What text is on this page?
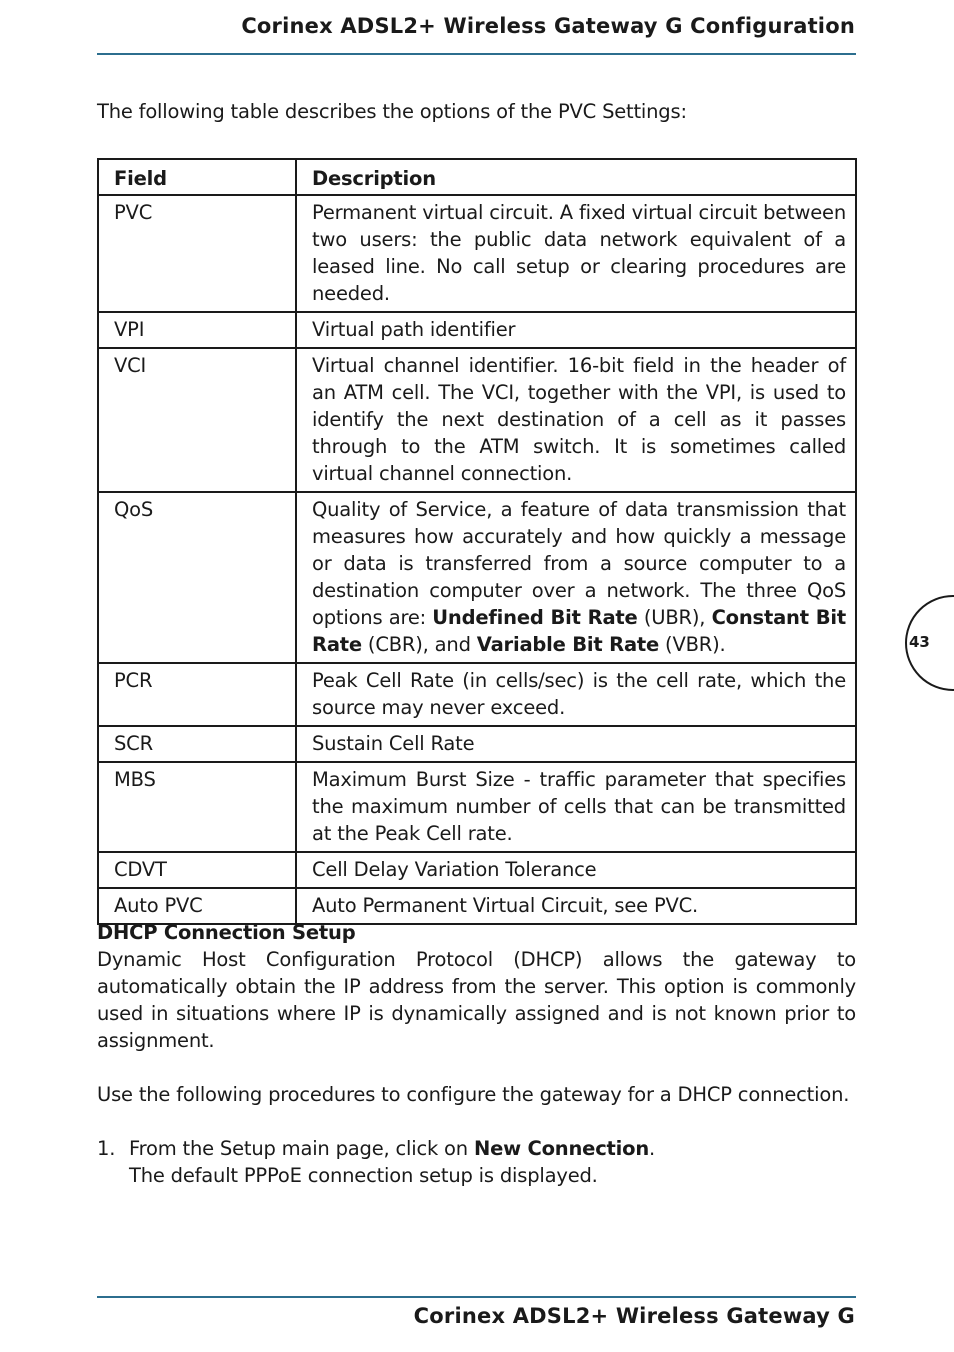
Corinex ADSL2+ Wireless Gateway G Configuration
43
The following table describes the options of the PVC Settings:
Field	Description
PVC	Permanent virtual circuit. A fixed virtual circuit between two users: the public data network equivalent of a leased line. No call setup or clearing procedures are needed.
VPI	Virtual path identifier
VCI	Virtual channel identifier. 16-bit field in the header of an ATM cell. The VCI, together with the VPI, is used to identify the next destination of a cell as it passes through to the ATM switch. It is sometimes called virtual channel connection.
QoS	Quality of Service, a feature of data transmission that measures how accurately and how quickly a message or data is transferred from a source computer to a destination computer over a network. The three QoS options are: Undefined Bit Rate (UBR), Constant Bit Rate (CBR), and Variable Bit Rate (VBR).
PCR	Peak Cell Rate (in cells/sec) is the cell rate, which the source may never exceed.
SCR	Sustain Cell Rate
MBS	Maximum Burst Size - traffic parameter that specifies the maximum number of cells that can be transmitted at the Peak Cell rate.
CDVT	Cell Delay Variation Tolerance
Auto PVC	Auto Permanent Virtual Circuit, see PVC.
DHCP Connection Setup

Dynamic Host Configuration Protocol (DHCP) allows the gateway to automatically obtain the IP address from the server. This option is commonly used in situations where IP is dynamically assigned and is not known prior to assignment.

Use the following procedures to configure the gateway for a DHCP connection.

1. From the Setup main page, click on New Connection.
The default PPPoE connection setup is displayed.
Corinex ADSL2+ Wireless Gateway G
